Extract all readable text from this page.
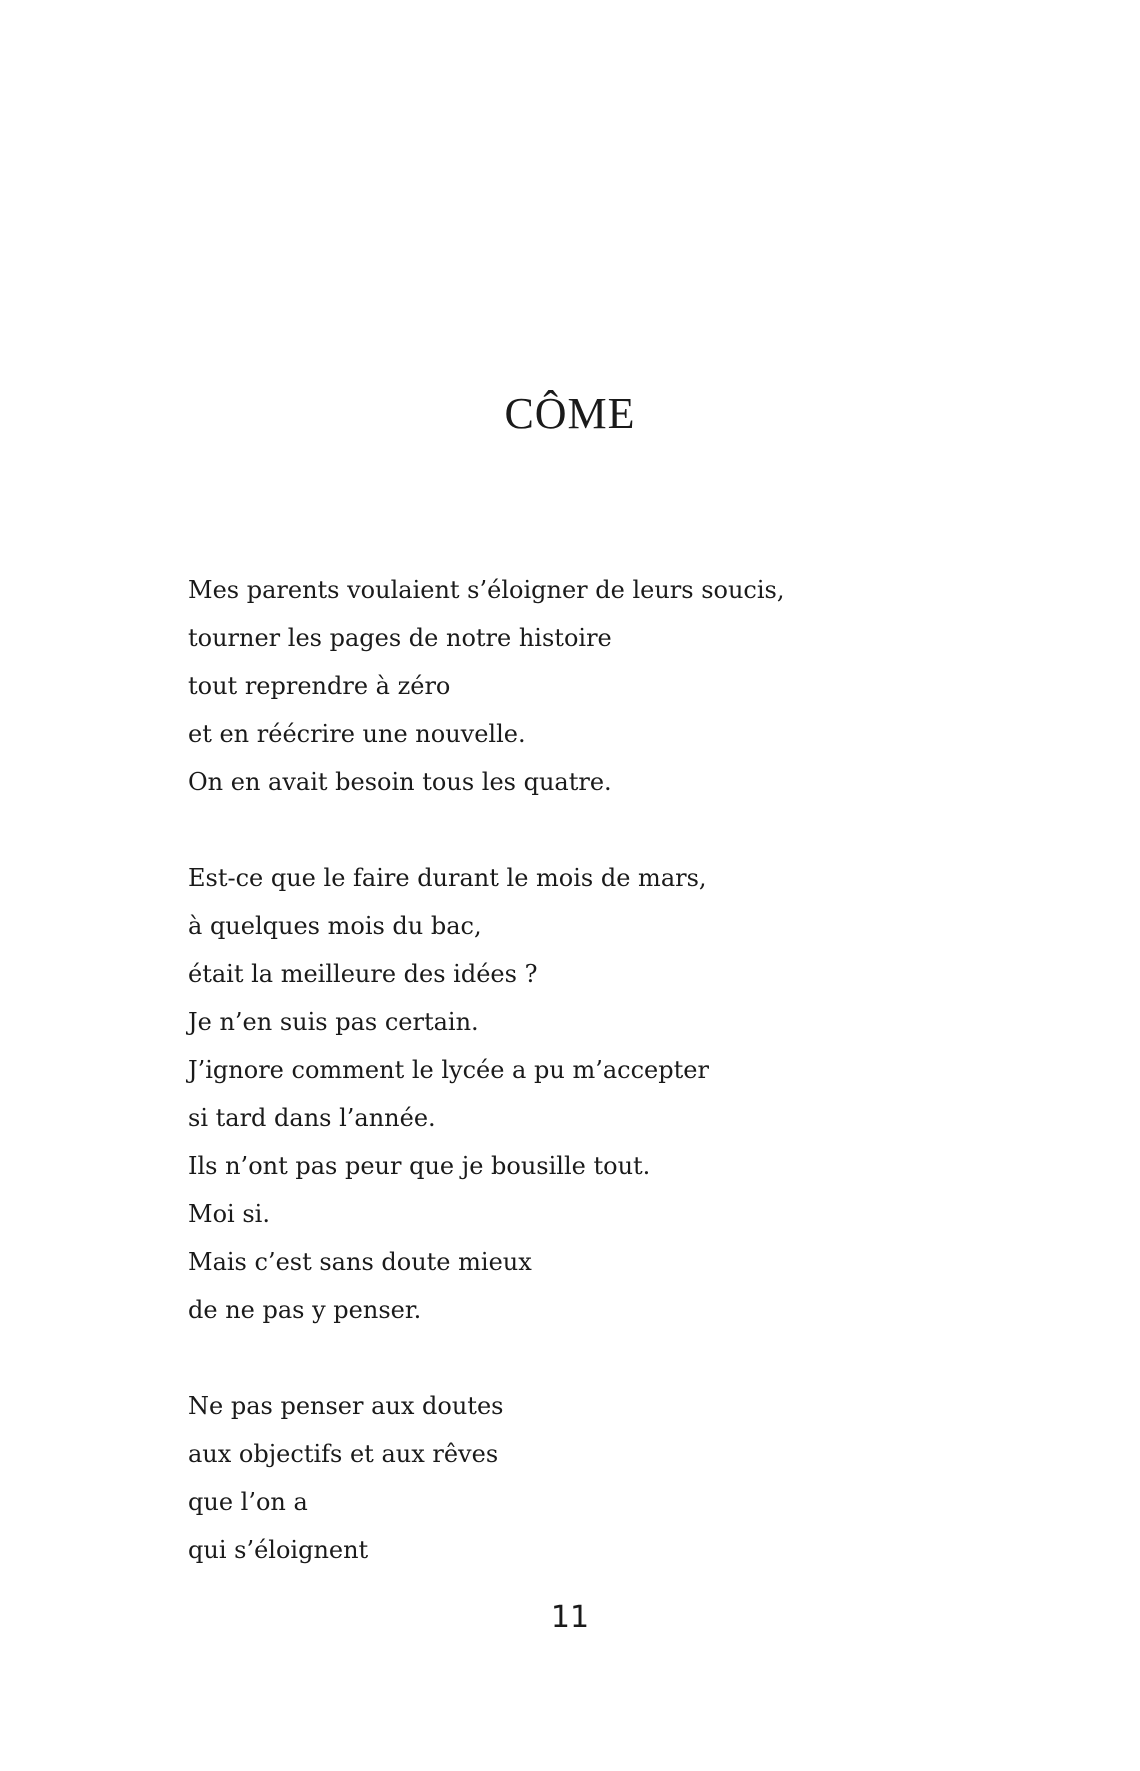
CÔME
Mes parents voulaient s’éloigner de leurs soucis,
tourner les pages de notre histoire
tout reprendre à zéro
et en réécrire une nouvelle.
On en avait besoin tous les quatre.
Est-ce que le faire durant le mois de mars,
à quelques mois du bac,
était la meilleure des idées ?
Je n’en suis pas certain.
J’ignore comment le lycée a pu m’accepter
si tard dans l’année.
Ils n’ont pas peur que je bousille tout.
Moi si.
Mais c’est sans doute mieux
de ne pas y penser.
Ne pas penser aux doutes
aux objectifs et aux rêves
que l’on a
qui s’éloignent
11
